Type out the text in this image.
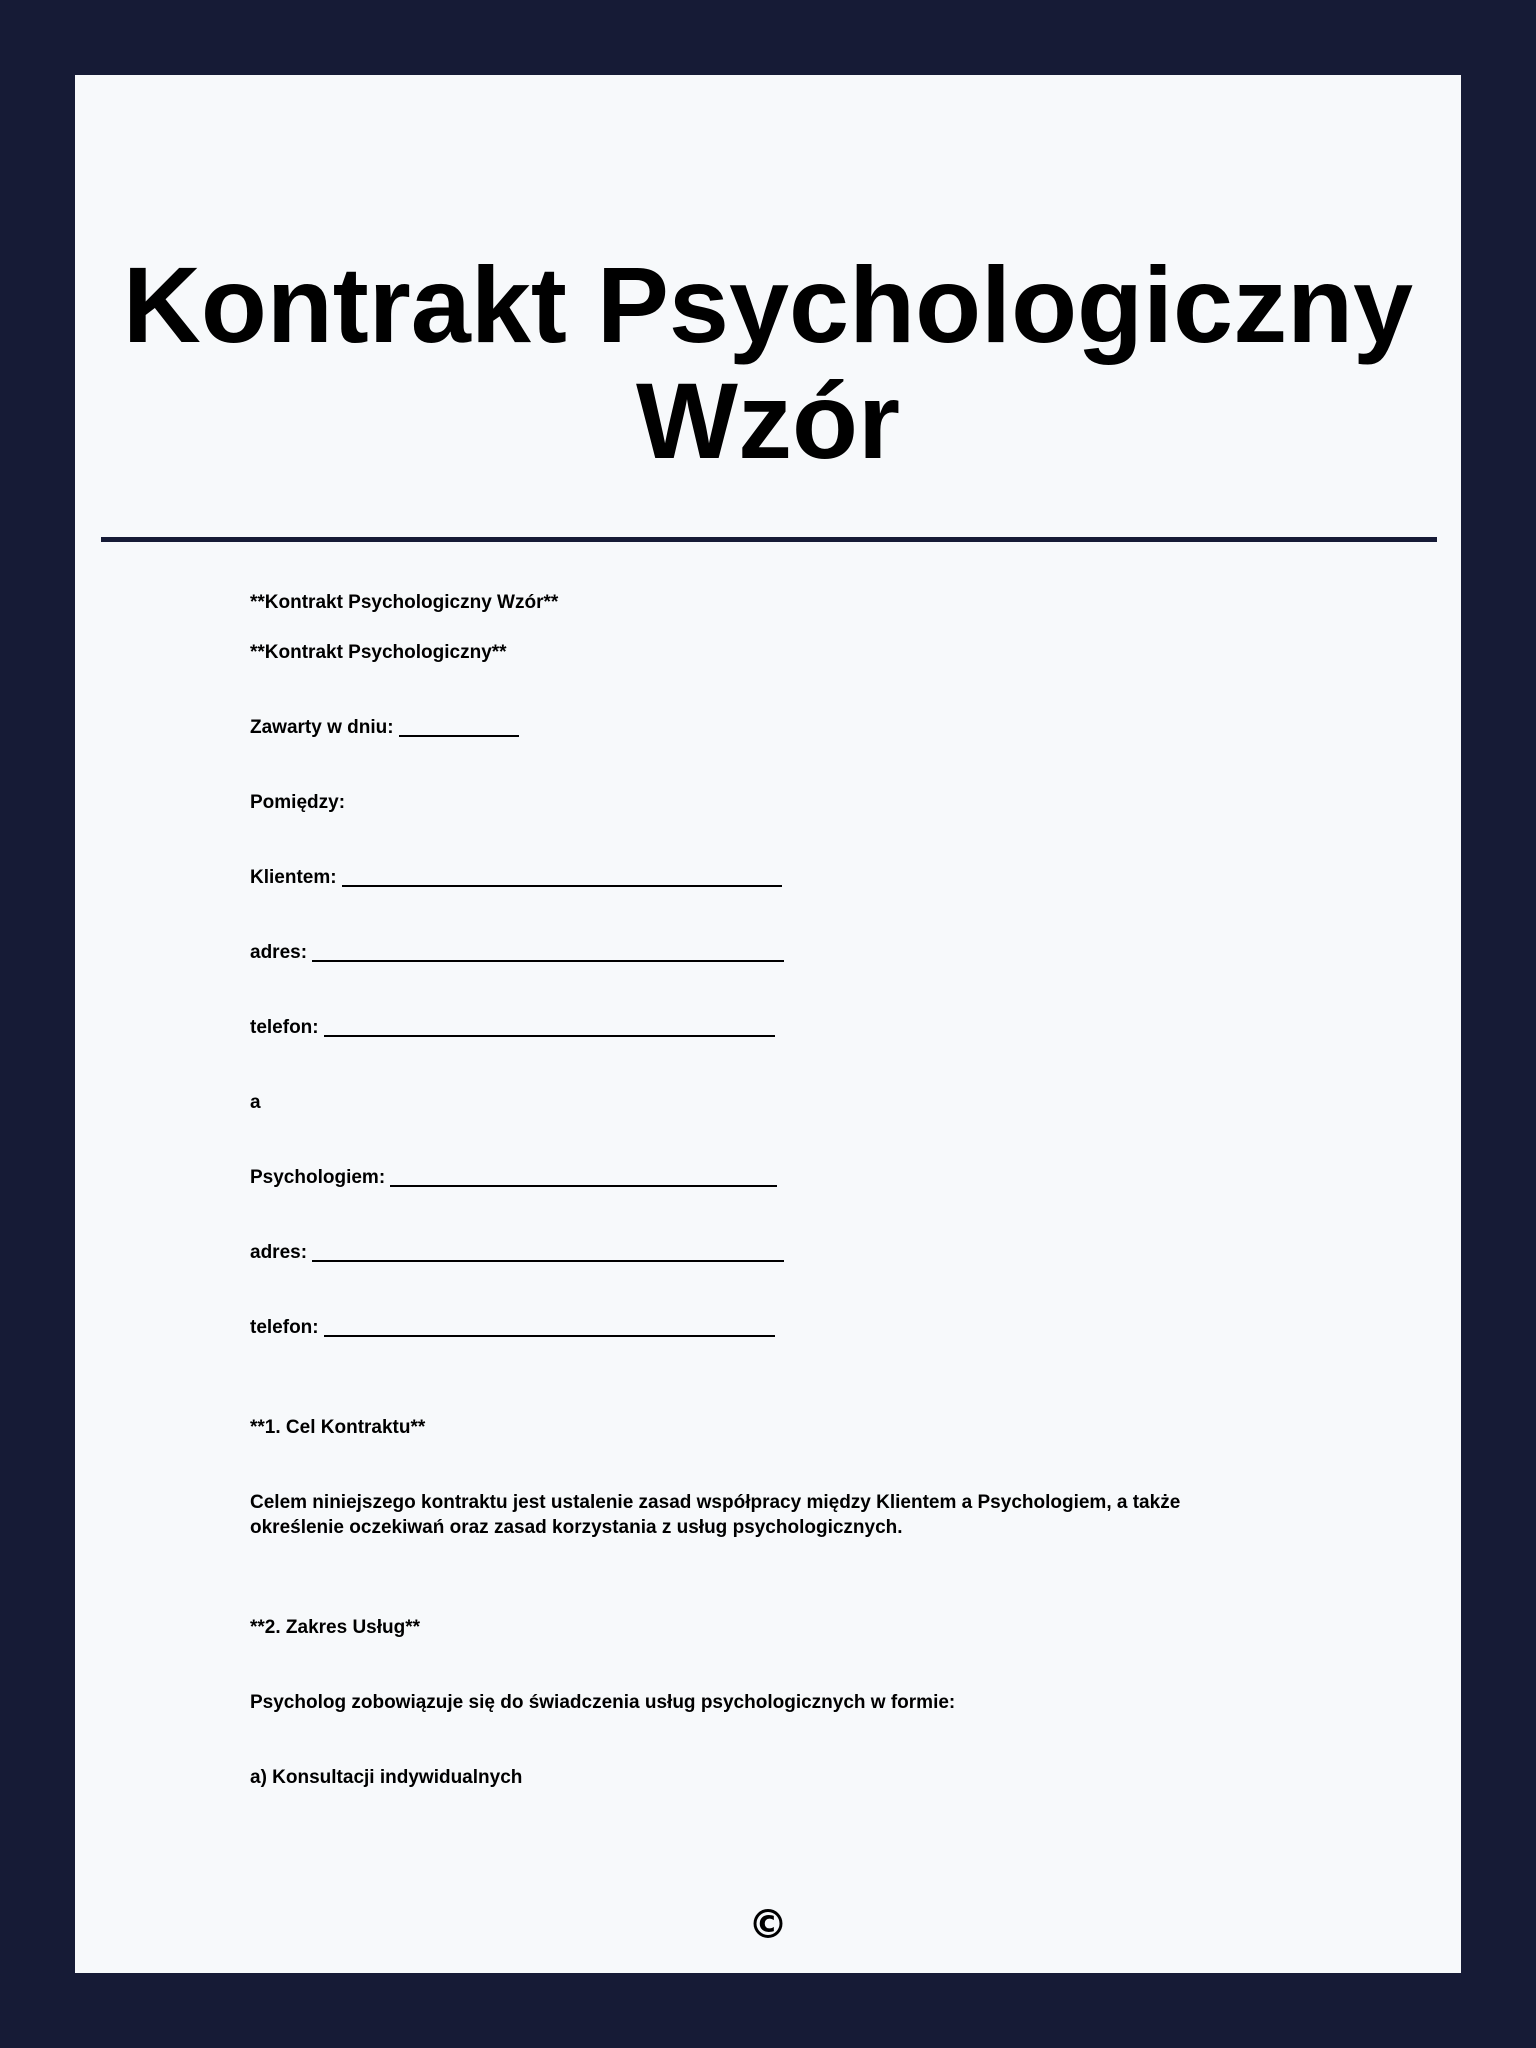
Kontrakt Psychologiczny Wzór
**Kontrakt Psychologiczny Wzór**
**Kontrakt Psychologiczny**
Zawarty w dniu:
Pomiędzy:
Klientem:
adres:
telefon:
a
Psychologiem:
adres:
telefon:
**1. Cel Kontraktu**
Celem niniejszego kontraktu jest ustalenie zasad współpracy między Klientem a Psychologiem, a także określenie oczekiwań oraz zasad korzystania z usług psychologicznych.
**2. Zakres Usług**
Psycholog zobowiązuje się do świadczenia usług psychologicznych w formie:
a) Konsultacji indywidualnych
©
